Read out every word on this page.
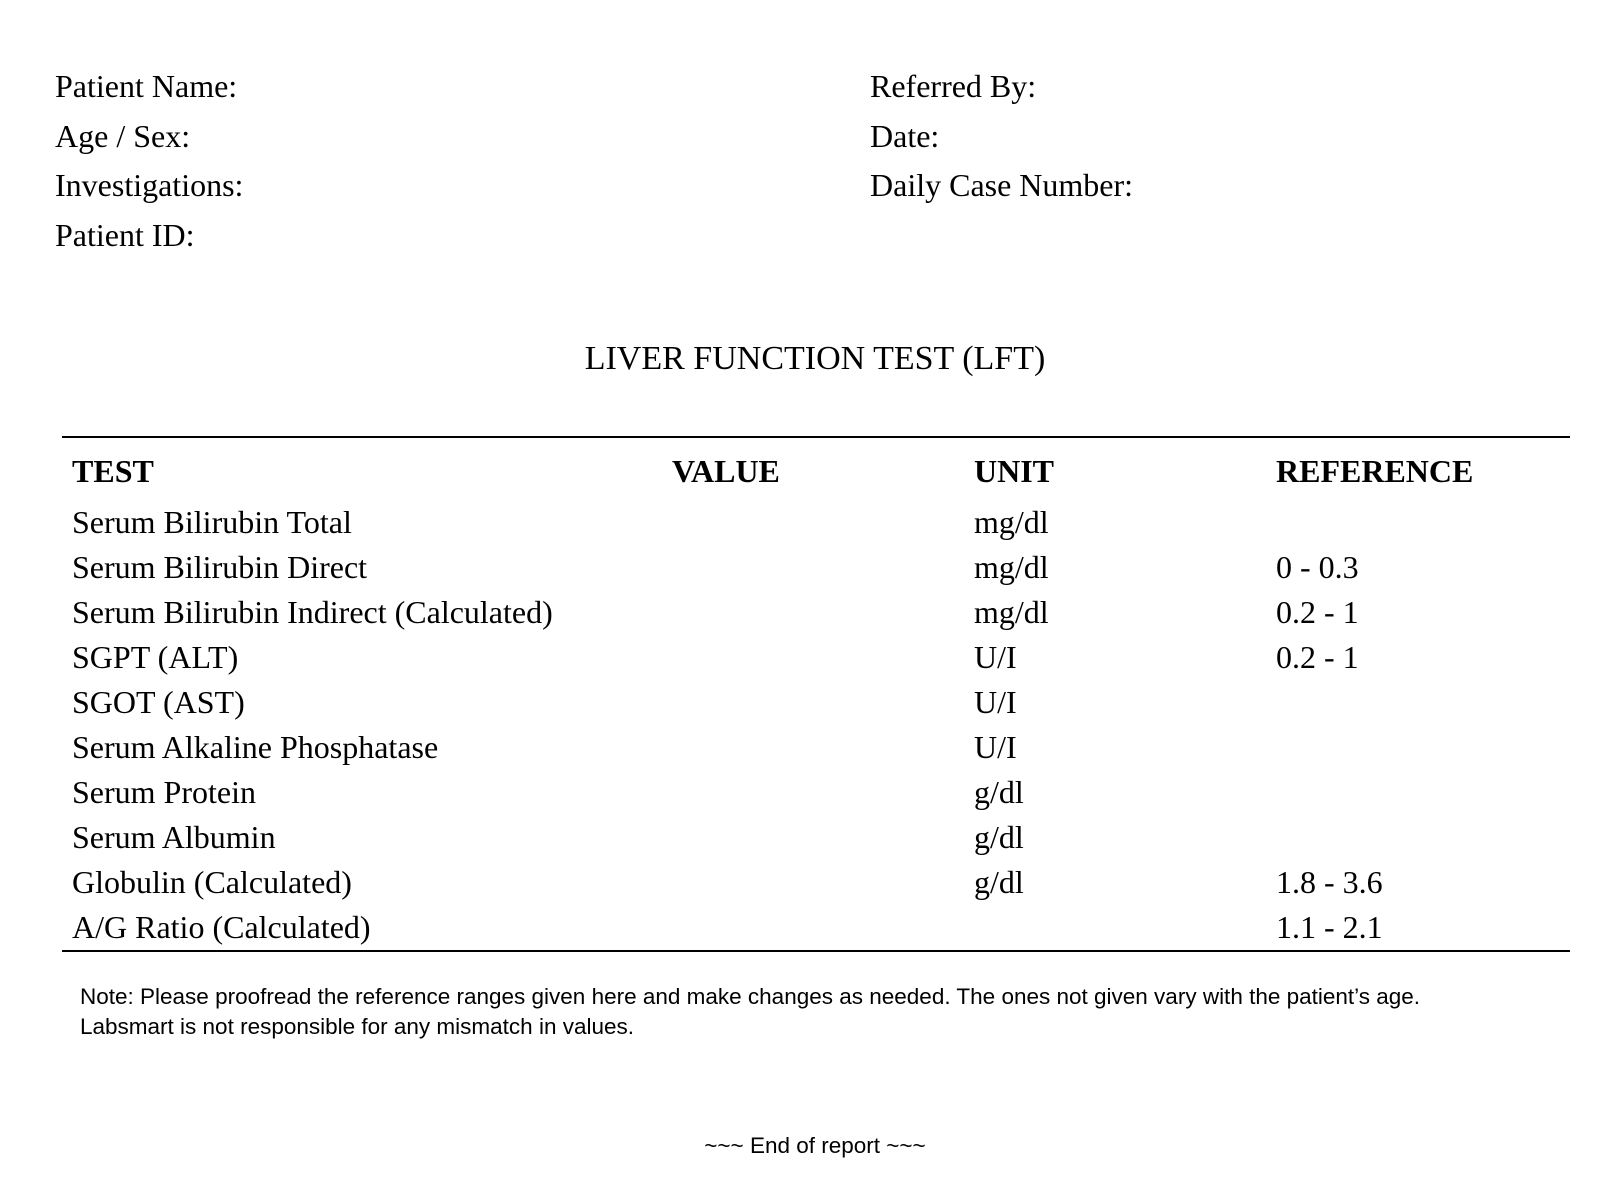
Patient Name:
Age / Sex:
Investigations:
Patient ID:
Referred By:
Date:
Daily Case Number:
LIVER FUNCTION TEST (LFT)
TEST	VALUE	UNIT	REFERENCE
Serum Bilirubin Total		mg/dl	
Serum Bilirubin Direct		mg/dl	0 - 0.3
Serum Bilirubin Indirect (Calculated)		mg/dl	0.2 - 1
SGPT (ALT)		U/I	0.2 - 1
SGOT (AST)		U/I	
Serum Alkaline Phosphatase		U/I	
Serum Protein		g/dl	
Serum Albumin		g/dl	
Globulin (Calculated)		g/dl	1.8 - 3.6
A/G Ratio (Calculated)			1.1 - 2.1

Note: Please proofread the reference ranges given here and make changes as needed. The ones not given vary with the patient’s age. Labsmart is not responsible for any mismatch in values.

~~~ End of report ~~~
